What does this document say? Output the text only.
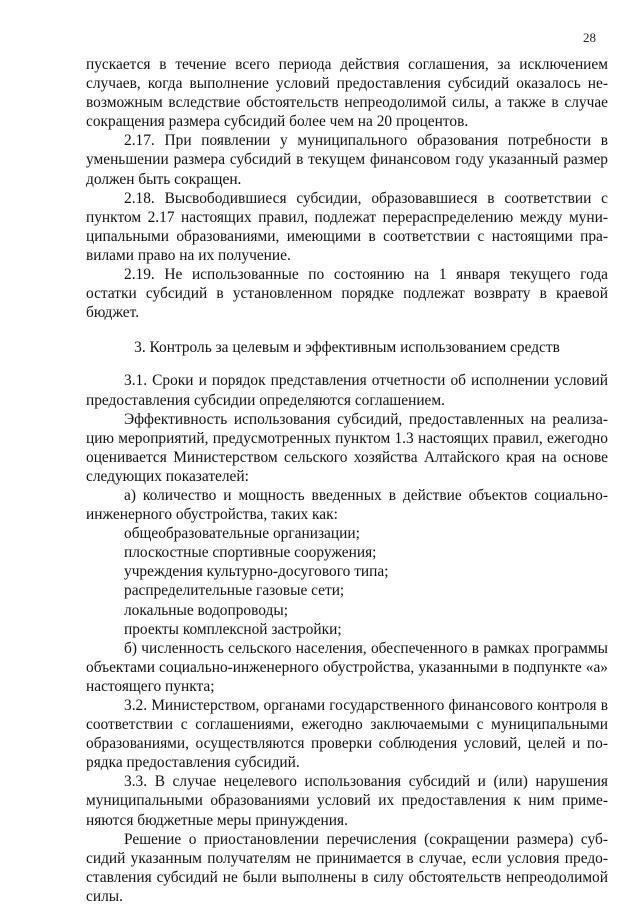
28

пускается в течение всего периода действия соглашения, за исключением случаев, когда выполнение условий предоставления субсидий оказалось невозможным вследствие обстоятельств непреодолимой силы, а также в случае сокращения размера субсидий более чем на 20 процентов.

2.17. При появлении у муниципального образования потребности в уменьшении размера субсидий в текущем финансовом году указанный размер должен быть сокращен.

2.18. Высвободившиеся субсидии, образовавшиеся в соответствии с пунктом 2.17 настоящих правил, подлежат перераспределению между муниципальными образованиями, имеющими в соответствии с настоящими правилами право на их получение.

2.19. Не использованные по состоянию на 1 января текущего года остатки субсидий в установленном порядке подлежат возврату в краевой бюджет.

3. Контроль за целевым и эффективным использованием средств

3.1. Сроки и порядок представления отчетности об исполнении условий предоставления субсидии определяются соглашением.

Эффективность использования субсидий, предоставленных на реализацию мероприятий, предусмотренных пунктом 1.3 настоящих правил, ежегодно оценивается Министерством сельского хозяйства Алтайского края на основе следующих показателей:

а) количество и мощность введенных в действие объектов социально-инженерного обустройства, таких как:

общеобразовательные организации;

плоскостные спортивные сооружения;

учреждения культурно-досугового типа;

распределительные газовые сети;

локальные водопроводы;

проекты комплексной застройки;

б) численность сельского населения, обеспеченного в рамках программы объектами социально-инженерного обустройства, указанными в подпункте «а» настоящего пункта;

3.2. Министерством, органами государственного финансового контроля в соответствии с соглашениями, ежегодно заключаемыми с муниципальными образованиями, осуществляются проверки соблюдения условий, целей и порядка предоставления субсидий.

3.3. В случае нецелевого использования субсидий и (или) нарушения муниципальными образованиями условий их предоставления к ним применяются бюджетные меры принуждения.

Решение о приостановлении перечисления (сокращении размера) субсидий указанным получателям не принимается в случае, если условия предоставления субсидий не были выполнены в силу обстоятельств непреодолимой силы.
